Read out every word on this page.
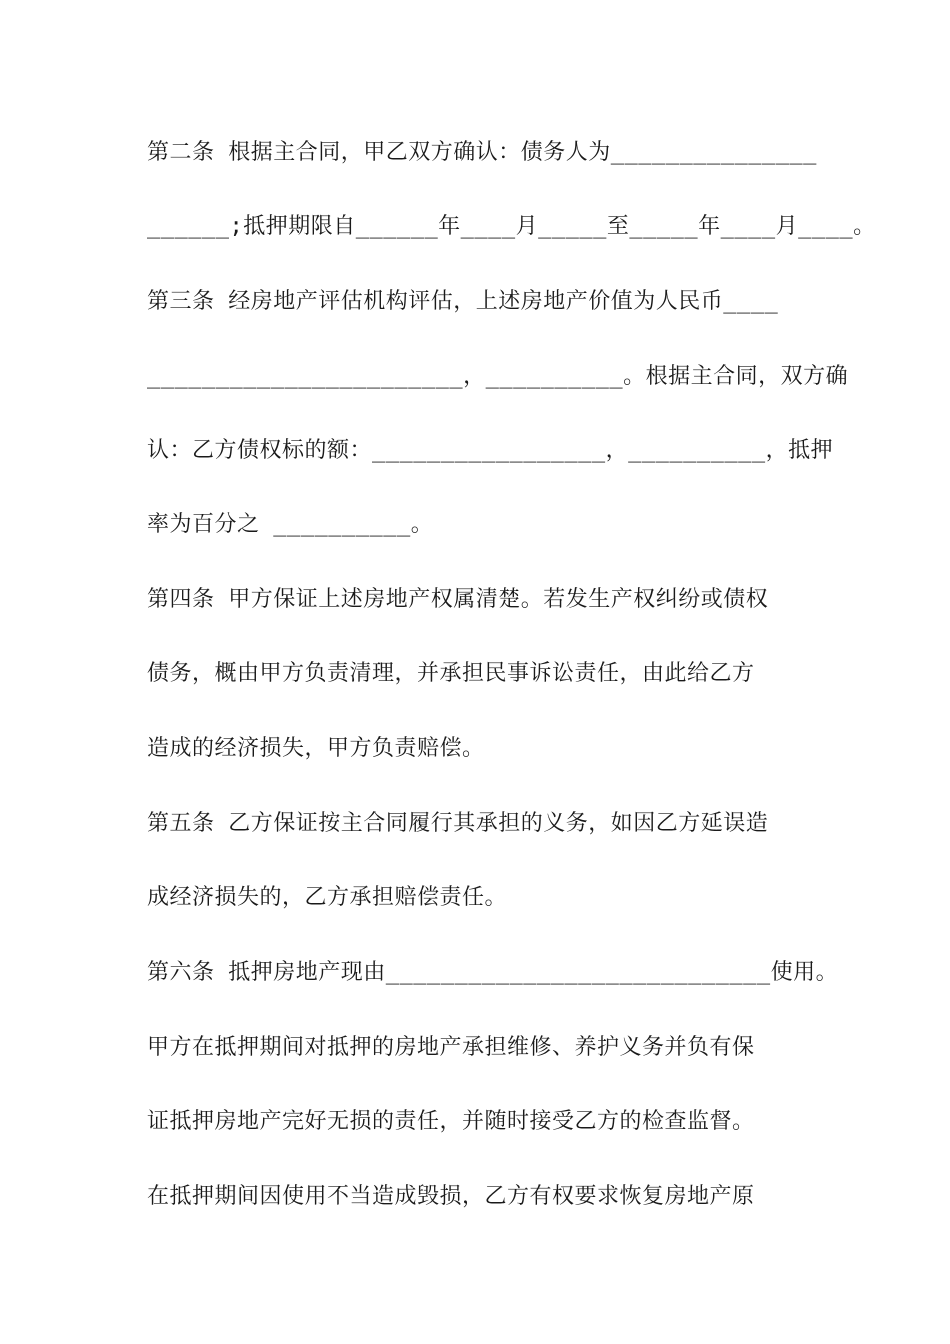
第二条 根据主合同，甲乙双方确认：债务人为_______________
______;抵押期限自______年____月_____至_____年____月____。
第三条 经房地产评估机构评估，上述房地产价值为人民币____
_______________________，__________。根据主合同，双方确
认：乙方债权标的额：_________________，__________，抵押
率为百分之 __________。
第四条 甲方保证上述房地产权属清楚。若发生产权纠纷或债权
债务，概由甲方负责清理，并承担民事诉讼责任，由此给乙方
造成的经济损失，甲方负责赔偿。
第五条 乙方保证按主合同履行其承担的义务，如因乙方延误造
成经济损失的，乙方承担赔偿责任。
第六条 抵押房地产现由____________________________使用。
甲方在抵押期间对抵押的房地产承担维修、养护义务并负有保
证抵押房地产完好无损的责任，并随时接受乙方的检查监督。
在抵押期间因使用不当造成毁损，乙方有权要求恢复房地产原
